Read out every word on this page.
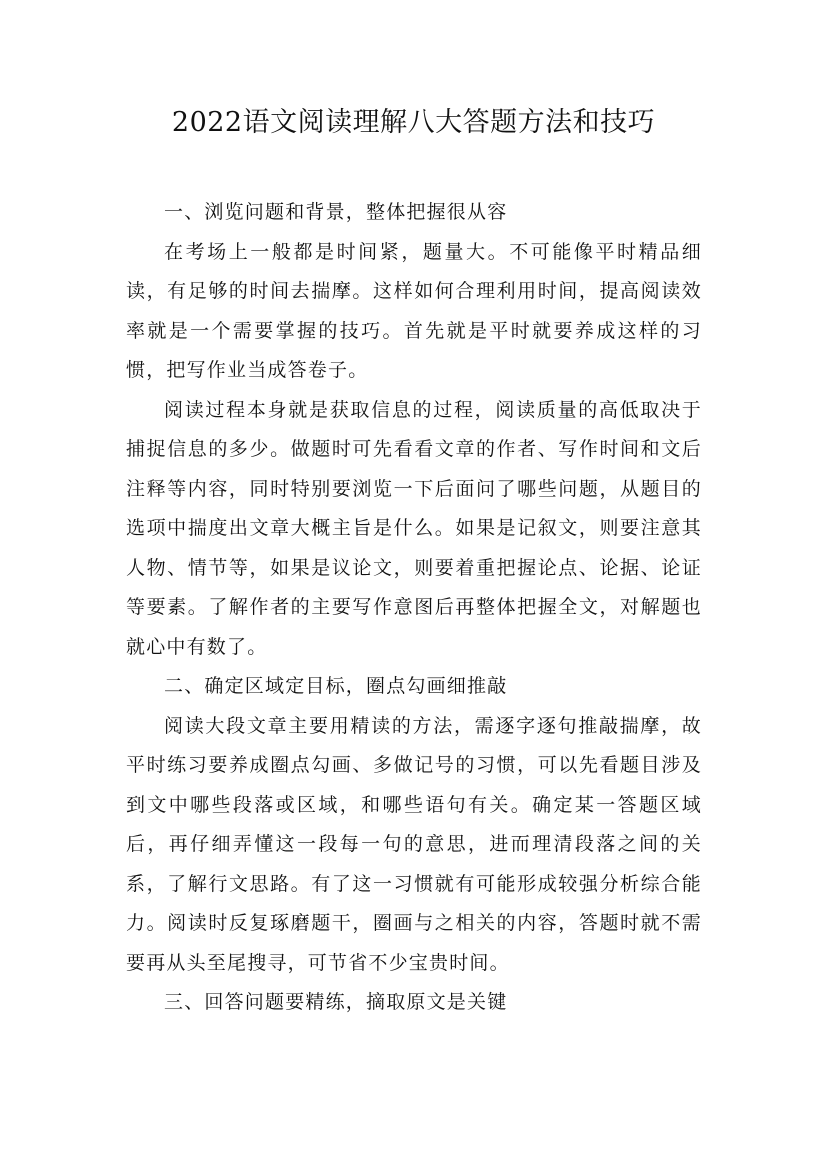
2022语文阅读理解八大答题方法和技巧

一、浏览问题和背景，整体把握很从容

在考场上一般都是时间紧，题量大。不可能像平时精品细读，有足够的时间去揣摩。这样如何合理利用时间，提高阅读效率就是一个需要掌握的技巧。首先就是平时就要养成这样的习惯，把写作业当成答卷子。

阅读过程本身就是获取信息的过程，阅读质量的高低取决于捕捉信息的多少。做题时可先看看文章的作者、写作时间和文后注释等内容，同时特别要浏览一下后面问了哪些问题，从题目的选项中揣度出文章大概主旨是什么。如果是记叙文，则要注意其人物、情节等，如果是议论文，则要着重把握论点、论据、论证等要素。了解作者的主要写作意图后再整体把握全文，对解题也就心中有数了。

二、确定区域定目标，圈点勾画细推敲

阅读大段文章主要用精读的方法，需逐字逐句推敲揣摩，故平时练习要养成圈点勾画、多做记号的习惯，可以先看题目涉及到文中哪些段落或区域，和哪些语句有关。确定某一答题区域后，再仔细弄懂这一段每一句的意思，进而理清段落之间的关系，了解行文思路。有了这一习惯就有可能形成较强分析综合能力。阅读时反复琢磨题干，圈画与之相关的内容，答题时就不需要再从头至尾搜寻，可节省不少宝贵时间。

三、回答问题要精练，摘取原文是关键
